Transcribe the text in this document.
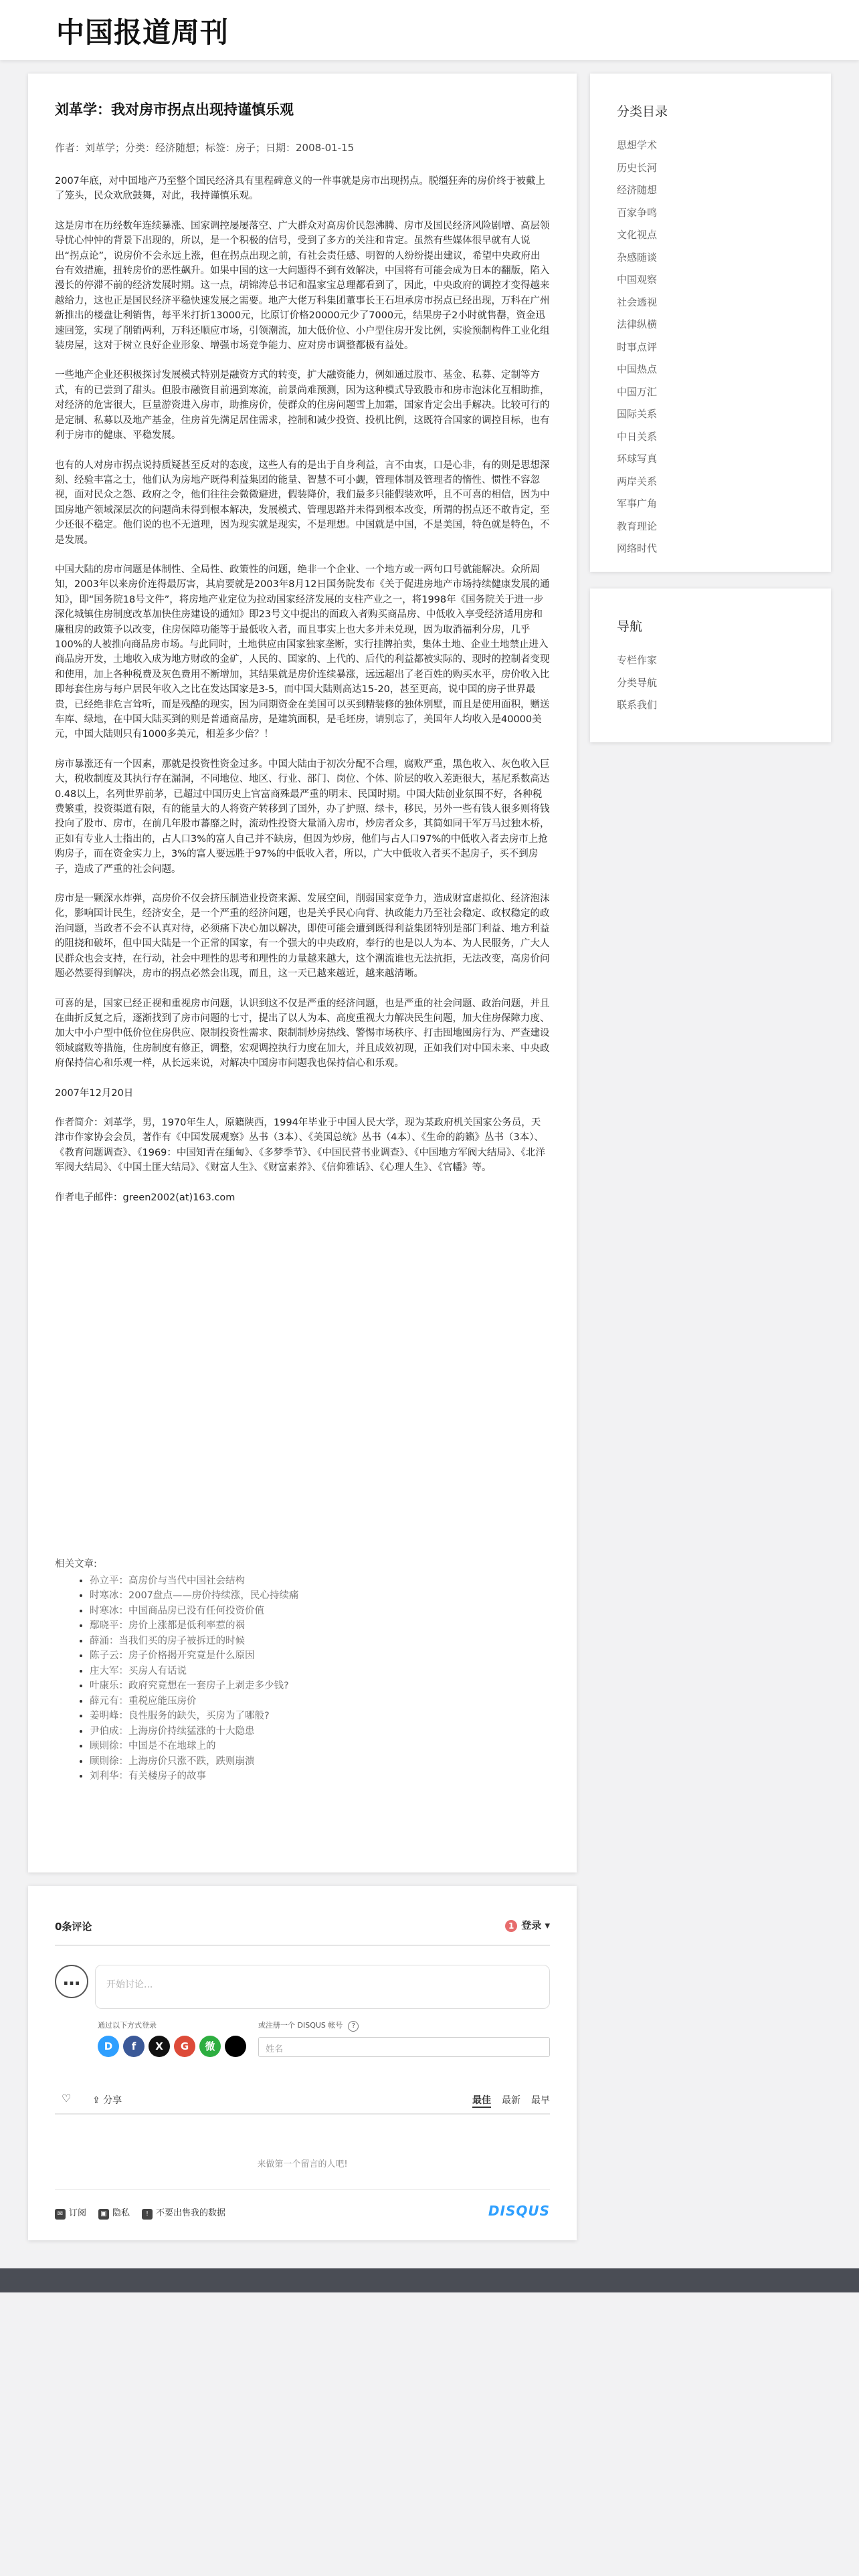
中国报道周刊
刘革学：我对房市拐点出现持谨慎乐观
作者：刘革学；分类：经济随想；标签：房子；日期：2008-01-15

2007年底，对中国地产乃至整个国民经济具有里程碑意义的一件事就是房市出现拐点。脱缰狂奔的房价终于被戴上了笼头，民众欢欣鼓舞，对此，我持谨慎乐观。

这是房市在历经数年连续暴涨、国家调控屡屡落空、广大群众对高房价民怨沸腾、房市及国民经济风险剧增、高层领导忧心忡忡的背景下出现的，所以，是一个积极的信号，受到了多方的关注和肯定。虽然有些媒体很早就有人说出“拐点论”，说房价不会永远上涨，但在拐点出现之前，有社会责任感、明智的人纷纷提出建议，希望中央政府出台有效措施，扭转房价的恶性飙升。如果中国的这一大问题得不到有效解决，中国将有可能会成为日本的翻版，陷入漫长的停滞不前的经济发展时期。这一点，胡锦涛总书记和温家宝总理都看到了，因此，中央政府的调控才变得越来越给力，这也正是国民经济平稳快速发展之需要。地产大佬万科集团董事长王石坦承房市拐点已经出现，万科在广州新推出的楼盘让利销售，每平米打折13000元，比原订价格20000元少了7000元，结果房子2小时就售罄，资金迅速回笼，实现了削销两利，万科还顺应市场，引领潮流，加大低价位、小户型住房开发比例，实验预制构件工业化组装房屋，这对于树立良好企业形象、增强市场竞争能力、应对房市调整都极有益处。

一些地产企业还积极探讨发展模式特别是融资方式的转变，扩大融资能力，例如通过股市、基金、私募、定制等方式，有的已尝到了甜头。但股市融资目前遇到寒流，前景尚难预测，因为这种模式导致股市和房市泡沫化互相助推，对经济的危害很大，巨量游资进入房市，助推房价，使群众的住房问题雪上加霜，国家肯定会出手解决。比较可行的是定制、私募以及地产基金，住房首先满足居住需求，控制和减少投资、投机比例，这既符合国家的调控目标，也有利于房市的健康、平稳发展。

也有的人对房市拐点说持质疑甚至反对的态度，这些人有的是出于自身利益，言不由衷，口是心非，有的则是思想深刻、经验丰富之士，他们认为房地产既得利益集团的能量、智慧不可小觑，管理体制及管理者的惰性、惯性不容忽视，面对民众之怨、政府之令，他们往往会微微避进，假装降价，我们最多只能假装欢呼，且不可喜的相信，因为中国房地产领域深层次的问题尚未得到根本解决，发展模式、管理思路并未得到根本改变，所谓的拐点还不敢肯定，至少还很不稳定。他们说的也不无道理，因为现实就是现实，不是理想。中国就是中国，不是美国，特色就是特色，不是发展。

中国大陆的房市问题是体制性、全局性、政策性的问题，绝非一个企业、一个地方或一两句口号就能解决。众所周知，2003年以来房价连得最厉害，其肩要就是2003年8月12日国务院发布《关于促进房地产市场持续健康发展的通知》，即“国务院18号文件”，将房地产业定位为拉动国家经济发展的支柱产业之一，将1998年《国务院关于进一步深化城镇住房制度改革加快住房建设的通知》即23号文中提出的面政入者购买商品房、中低收入享受经济适用房和廉租房的政策予以改变，住房保障功能等于最低收入者，而且事实上也大多并未兑现，因为取消福利分房，几乎100%的人被推向商品房市场。与此同时，土地供应由国家独家垄断，实行挂牌拍卖，集体土地、企业土地禁止进入商品房开发，土地收入成为地方财政的金矿，人民的、国家的、上代的、后代的利益都被实际的、现时的控制者变现和使用，加上各种税费及灰色费用不断增加，其结果就是房价连续暴涨，远远超出了老百姓的购买水平，房价收入比即每套住房与每户居民年收入之比在发达国家是3-5，而中国大陆则高达15-20，甚至更高，说中国的房子世界最贵，已经绝非危言耸听，而是残酷的现实，因为同期资金在美国可以买到精装修的独体别墅，而且是使用面积，赠送车库、绿地，在中国大陆买到的则是普通商品房，是建筑面积，是毛坯房，请别忘了，美国年人均收入是40000美元，中国大陆则只有1000多美元，相差多少倍？！

房市暴涨还有一个因素，那就是投资性资金过多。中国大陆由于初次分配不合理，腐败严重，黑色收入、灰色收入巨大，税收制度及其执行存在漏洞，不同地位、地区、行业、部门、岗位、个体、阶层的收入差距很大，基尼系数高达0.48以上，名列世界前茅，已超过中国历史上官富商殊最严重的明末、民国时期。中国大陆创业氛围不好，各种税费繁重，投资渠道有限，有的能量大的人将资产转移到了国外，办了护照、绿卡，移民，另外一些有钱人很多则将钱投向了股市、房市，在前几年股市蕃靡之时，流动性投资大量涌入房市，炒房者众多，其简如同干军万马过独木桥，正如有专业人士指出的，占人口3%的富人自己并不缺房，但因为炒房，他们与占人口97%的中低收入者去房市上抢购房子，而在资金实力上，3%的富人要远胜于97%的中低收入者，所以，广大中低收入者买不起房子，买不到房子，造成了严重的社会问题。

房市是一颗深水炸弹，高房价不仅会挤压制造业投资来源、发展空间，削弱国家竞争力，造成财富虚拟化、经济泡沫化，影响国计民生，经济安全，是一个严重的经济问题，也是关乎民心向背、执政能力乃至社会稳定、政权稳定的政治问题，当政者不会不认真对待，必须痛下决心加以解决，即使可能会遭到既得利益集团特别是部门利益、地方利益的阻挠和破坏，但中国大陆是一个正常的国家，有一个强大的中央政府，奉行的也是以人为本、为人民服务，广大人民群众也会支持，在行动，社会中理性的思考和理性的力量越来越大，这个潮流谁也无法抗拒，无法改变，高房价问题必然要得到解决，房市的拐点必然会出现，而且，这一天已越来越近，越来越清晰。

可喜的是，国家已经正视和重视房市问题，认识到这不仅是严重的经济问题，也是严重的社会问题、政治问题，并且在曲折反复之后，逐渐找到了房市问题的七寸，提出了以人为本、高度重视大力解决民生问题，加大住房保障力度、加大中小户型中低价位住房供应、限制投资性需求、限制制炒房热线、警惕市场秩序、打击囤地囤房行为、严查建设领域腐败等措施，住房制度有修正，调整，宏观调控执行力度在加大，并且成效初现，正如我们对中国未来、中央政府保持信心和乐观一样，从长远来说，对解决中国房市问题我也保持信心和乐观。

2007年12月20日

作者简介：刘革学，男，1970年生人，原籍陕西，1994年毕业于中国人民大学，现为某政府机关国家公务员，天津市作家协会会员，著作有《中国发展观察》丛书（3本）、《美国总统》丛书（4本）、《生命的韵籁》丛书（3本）、《教育问题调查》、《1969：中国知青在缅甸》、《多梦季节》、《中国民营书业调查》、《中国地方军阀大结局》、《北洋军阀大结局》、《中国土匪大结局》、《财富人生》、《财富素养》、《信仰雅话》、《心理人生》、《官幡》等。

作者电子邮件：green2002(at)163.com

相关文章:
• 孙立平：高房价与当代中国社会结构
• 时寒冰：2007盘点——房价持续涨，民心持续痛
• 时寒冰：中国商品房已没有任何投资价值
• 鄢晓平：房价上涨都是低利率惹的祸
• 薛涌：当我们买的房子被拆迁的时候
• 陈子云：房子价格揭开究竟是什么原因
• 庄大军：买房人有话说
• 叶康乐：政府究竟想在一套房子上剥走多少钱?
• 薛元有：重税应能压房价
• 姜明峰：良性服务的缺失，买房为了哪般?
• 尹伯成：上海房价持续猛涨的十大隐患
• 顾則徐：中国是不在地球上的
• 顾則徐：上海房价只涨不跌，跌则崩溃
• 刘利华：有关楼房子的故事
分类目录
思想学术
历史长河
经济随想
百家争鸣
文化视点
杂感随谈
中国观察
社会透视
法律纵横
时事点评
中国热点
中国万汇
国际关系
中日关系
环球写真
两岸关系
军事广角
教育理论
网络时代
导航
专栏作家
分类导航
联系我们
0条评论	1 登录 ▾
…	开始讨论...
通过以下方式登录	或注册一个 DISQUS 帐号 ?
D	f	X	G	微	姓名
♡ ⇪ 分享	最佳 最新 最早
来做第一个留言的人吧!
✉ 订阅	▣ 隐私	! 不要出售我的数据	DISQUS
